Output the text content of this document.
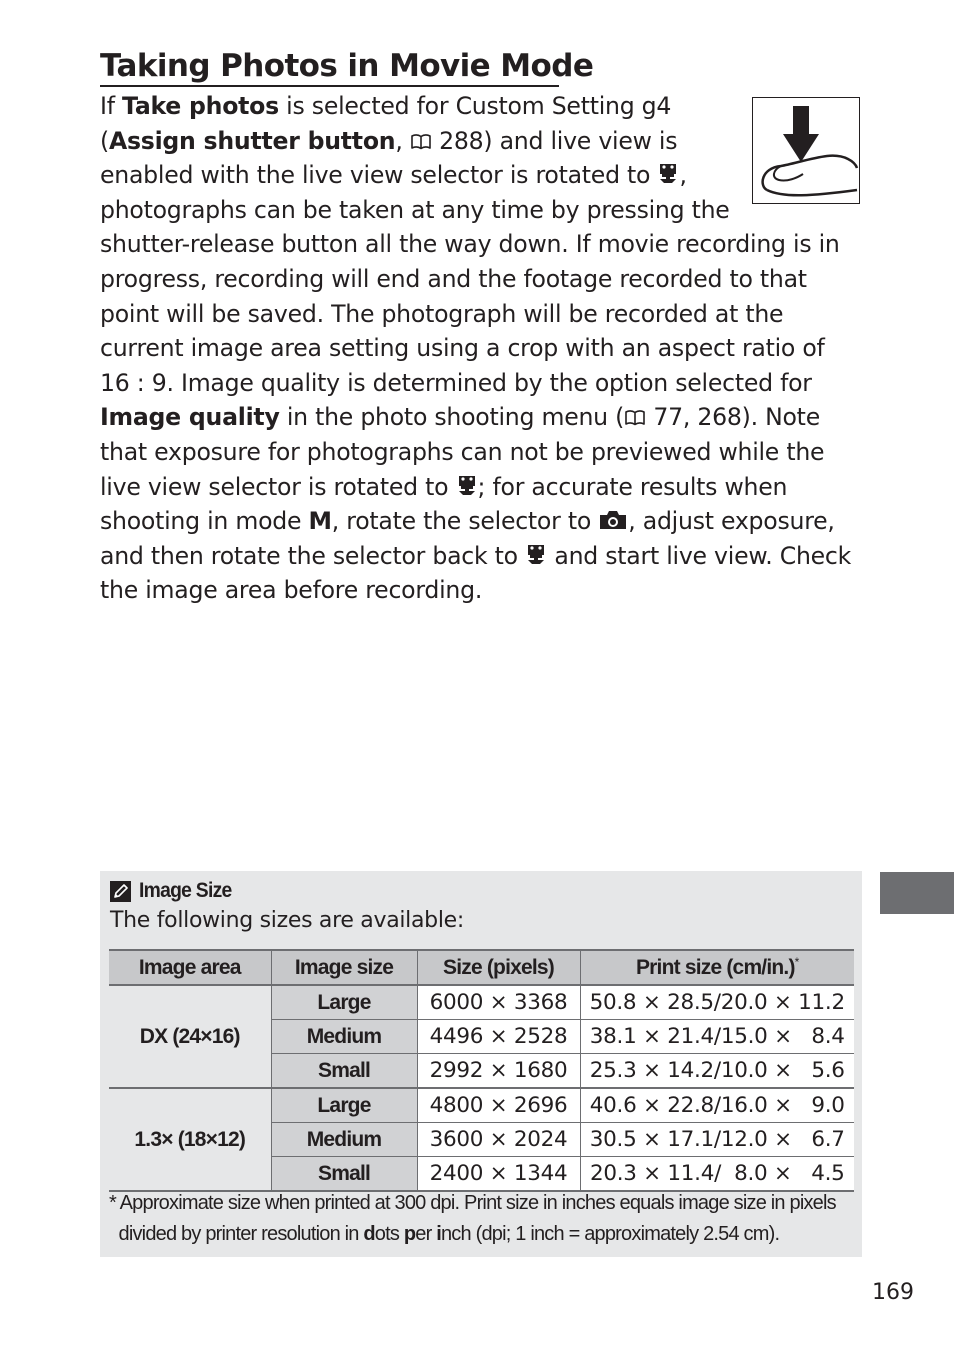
Taking Photos in Movie Mode
If Take photos is selected for Custom Setting g4
(Assign shutter button,  288) and live view is
enabled with the live view selector is rotated to ,
photographs can be taken at any time by pressing the
shutter-release button all the way down. If movie recording is in
progress, recording will end and the footage recorded to that
point will be saved. The photograph will be recorded at the
current image area setting using a crop with an aspect ratio of
16 : 9. Image quality is determined by the option selected for
Image quality in the photo shooting menu ( 77, 268). Note
that exposure for photographs can not be previewed while the
live view selector is rotated to ; for accurate results when
shooting in mode M, rotate the selector to , adjust exposure,
and then rotate the selector back to  and start live view. Check
the image area before recording.
Image Size
The following sizes are available:
Image area	Image size	Size (pixels)	Print size (cm/in.)*
DX (24×16)	Large	6000 × 3368	50.8 × 28.5/20.0 × 11.2
	Medium	4496 × 2528	38.1 × 21.4/15.0 ×   8.4
	Small	2992 × 1680	25.3 × 14.2/10.0 ×   5.6
1.3× (18×12)	Large	4800 × 2696	40.6 × 22.8/16.0 ×   9.0
	Medium	3600 × 2024	30.5 × 17.1/12.0 ×   6.7
	Small	2400 × 1344	20.3 × 11.4/  8.0 ×   4.5
* Approximate size when printed at 300 dpi. Print size in inches equals image size in pixels
divided by printer resolution in dots per inch (dpi; 1 inch = approximately 2.54 cm).
169
